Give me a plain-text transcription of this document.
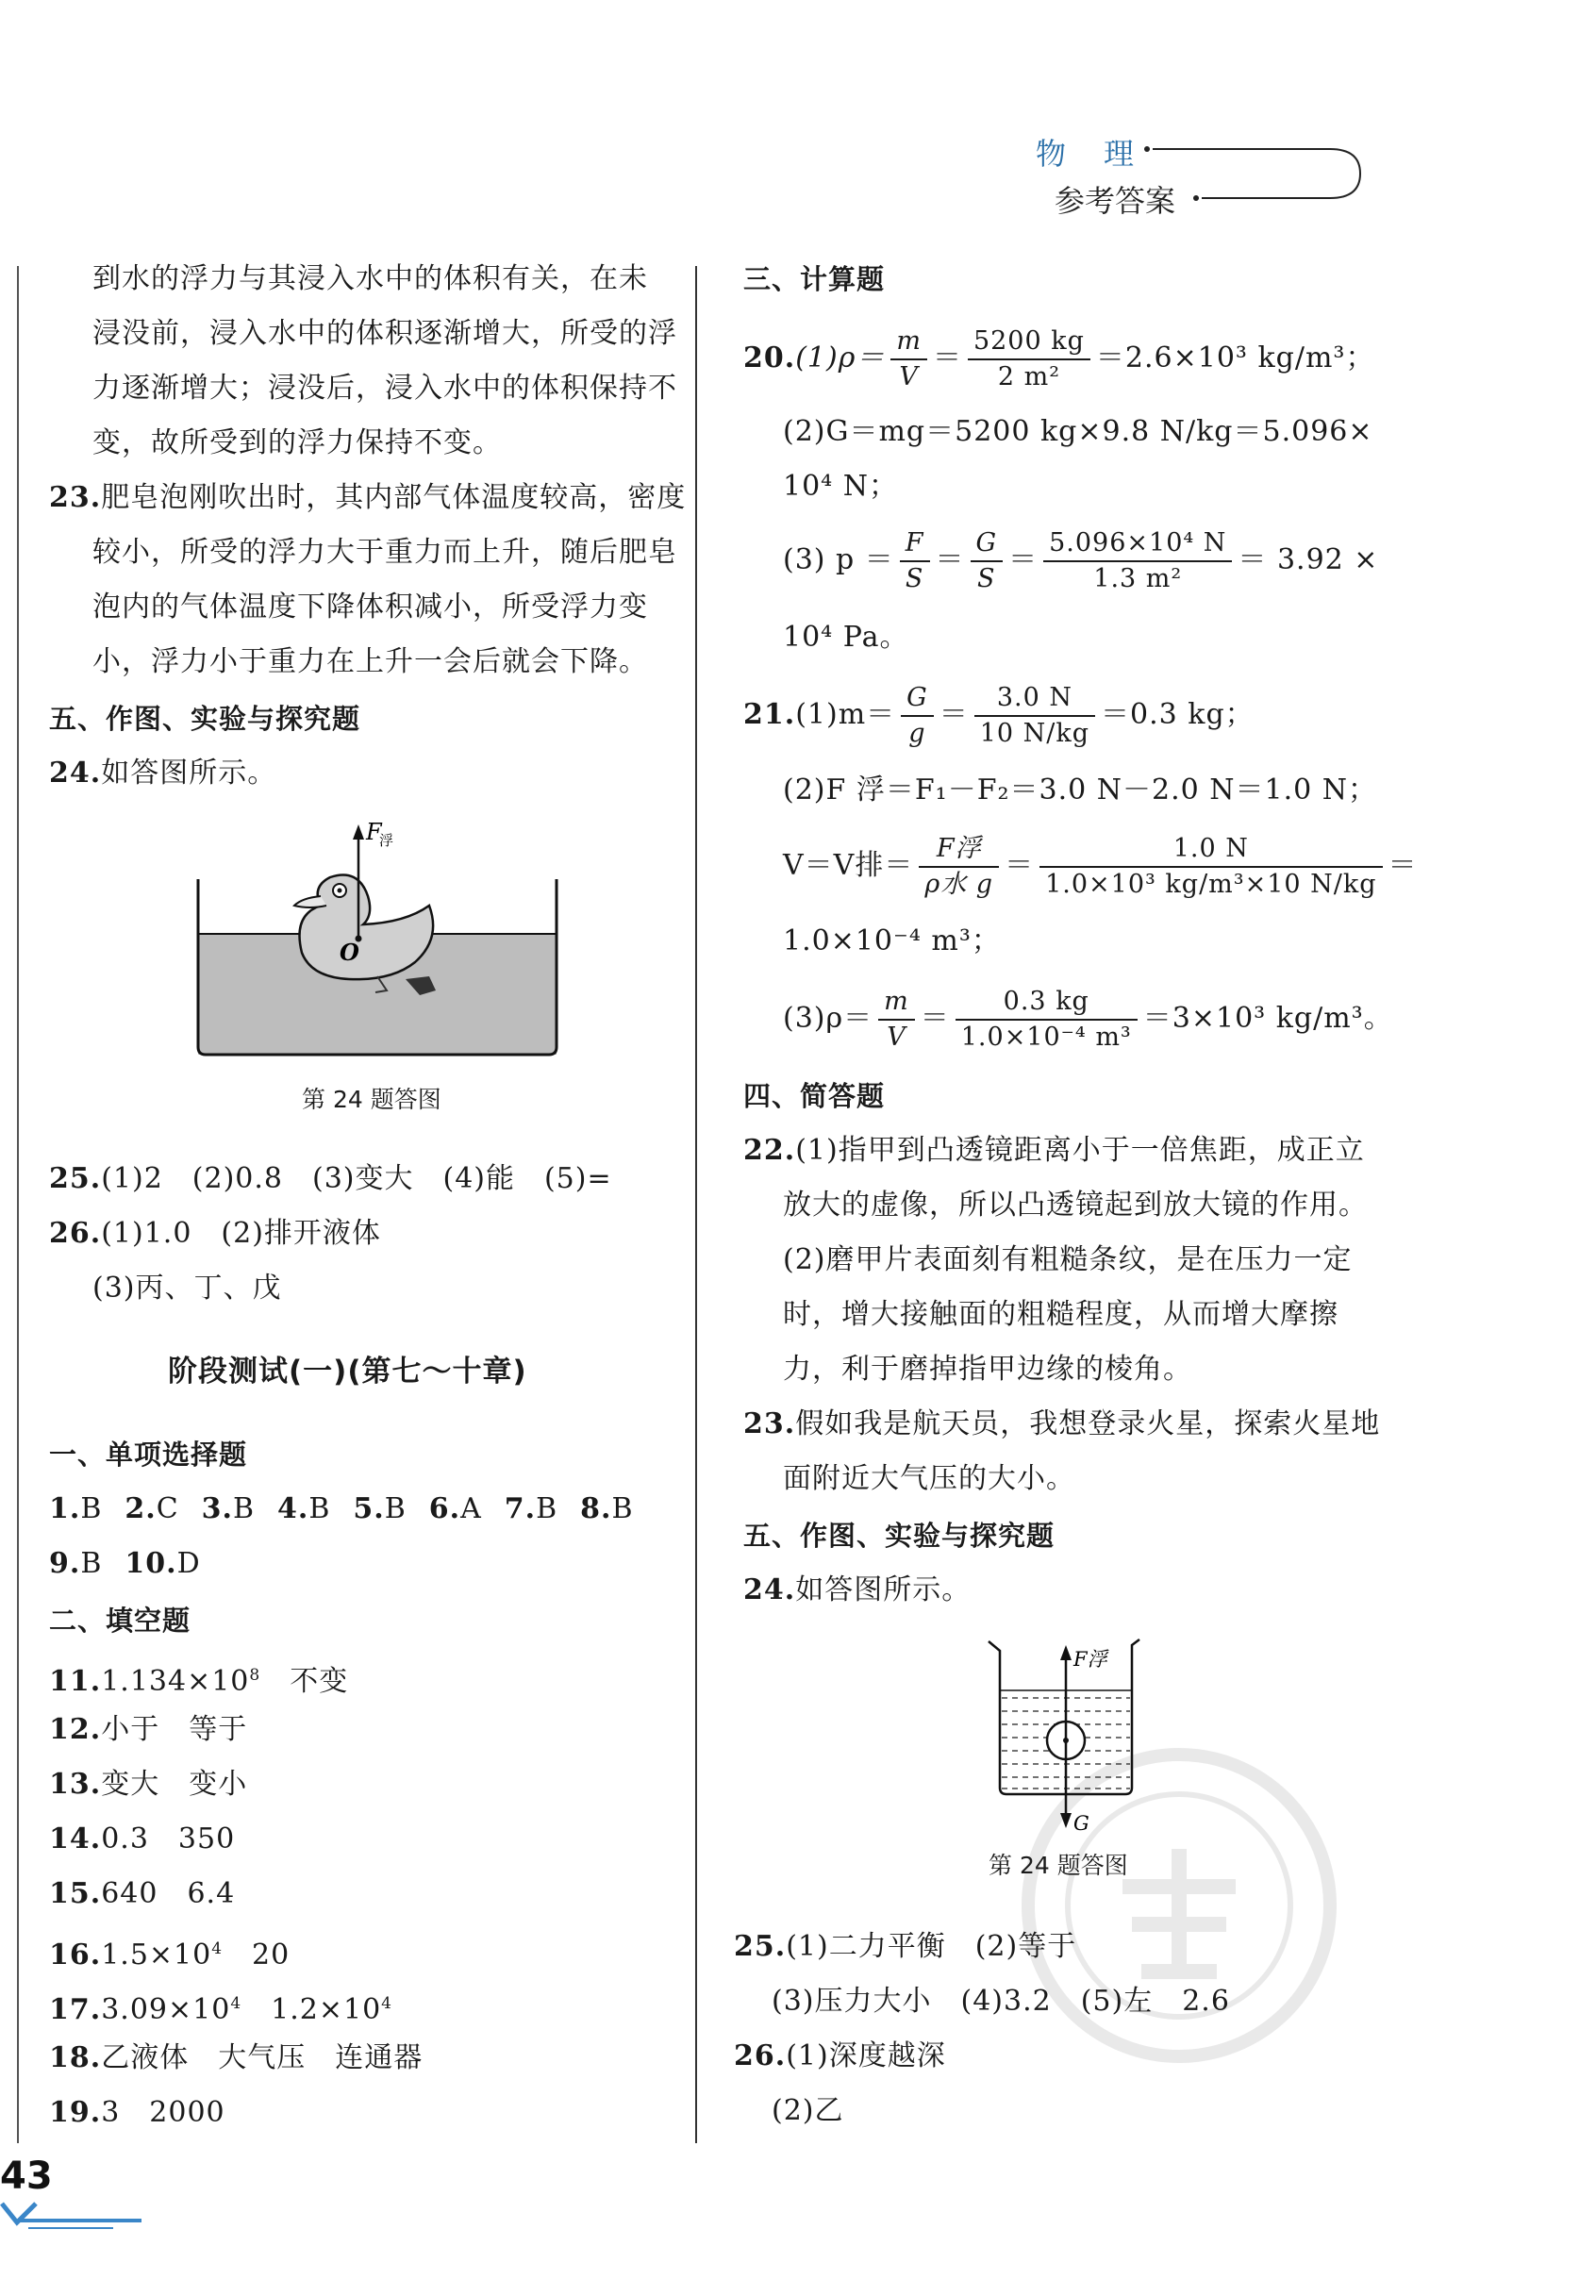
物　理
参考答案
到水的浮力与其浸入水中的体积有关，在未
浸没前，浸入水中的体积逐渐增大，所受的浮
力逐渐增大；浸没后，浸入水中的体积保持不
变，故所受到的浮力保持不变。
23.肥皂泡刚吹出时，其内部气体温度较高，密度
较小，所受的浮力大于重力而上升，随后肥皂
泡内的气体温度下降体积减小，所受浮力变
小，浮力小于重力在上升一会后就会下降。
五、作图、实验与探究题
24.如答图所示。
F
浮
O
第 24 题答图
25.(1)2　(2)0.8　(3)变大　(4)能　(5)=
26.(1)1.0　(2)排开液体
(3)丙、丁、戊
阶段测试(一)(第七～十章)
一、单项选择题
1.B 2.C 3.B 4.B 5.B 6.A 7.B 8.B
9.B 10.D
二、填空题
$11.1.134\times 10^8$　不变
12.小于　等于
13.变大　变小
14.0.3　350
15.640　6.4
$16.1.5\times 10^4$　20
$17.3.09\times 10^4$　$1.2\times 10^4$
18.乙液体　大气压　连通器
19.3　2000
三、计算题
$20.(1)\rho= \frac{m}{V} = \frac{5200 kg}{\text{2 m²}} =2.6\times 10^3$ kg/m³；
(2)G＝mg＝5200 kg×9.8 N/kg＝5.096×
10⁴ N；
(3) $p = \frac{F}{S} = \frac{G}{S} = \frac{\text{5.096×10⁴ N}}{\text{1.3 m²}} = 3.92$ ×
10⁴ Pa。
$21.(1)m= \frac{G}{g} = \frac{3.0 N}{10 N/kg} =0.3$ kg；
(2)F 浮＝F₁－F₂＝3.0 N－2.0 N＝1.0 N；
V＝V排＝ $\frac{\text{F浮}}{\text{ρ水 g}} = \frac{1.0 N}{\text{1.0×10³ kg/m³×10 N/kg}}$ ＝
1.0×10⁻⁴ m³；
$(3)\rho= \frac{m}{V} = \frac{0.3 kg}{\text{1.0×10⁻⁴ m³}} =3\times 10^3$ kg/m³。
四、简答题
22.(1)指甲到凸透镜距离小于一倍焦距，成正立
放大的虚像，所以凸透镜起到放大镜的作用。
(2)磨甲片表面刻有粗糙条纹，是在压力一定
时，增大接触面的粗糙程度，从而增大摩擦
力，利于磨掉指甲边缘的棱角。
23.假如我是航天员，我想登录火星，探索火星地
面附近大气压的大小。
五、作图、实验与探究题
24.如答图所示。
F浮
G
第 24 题答图
25.(1)二力平衡　(2)等于
(3)压力大小　(4)3.2　(5)左　2.6
26.(1)深度越深
(2)乙
43
